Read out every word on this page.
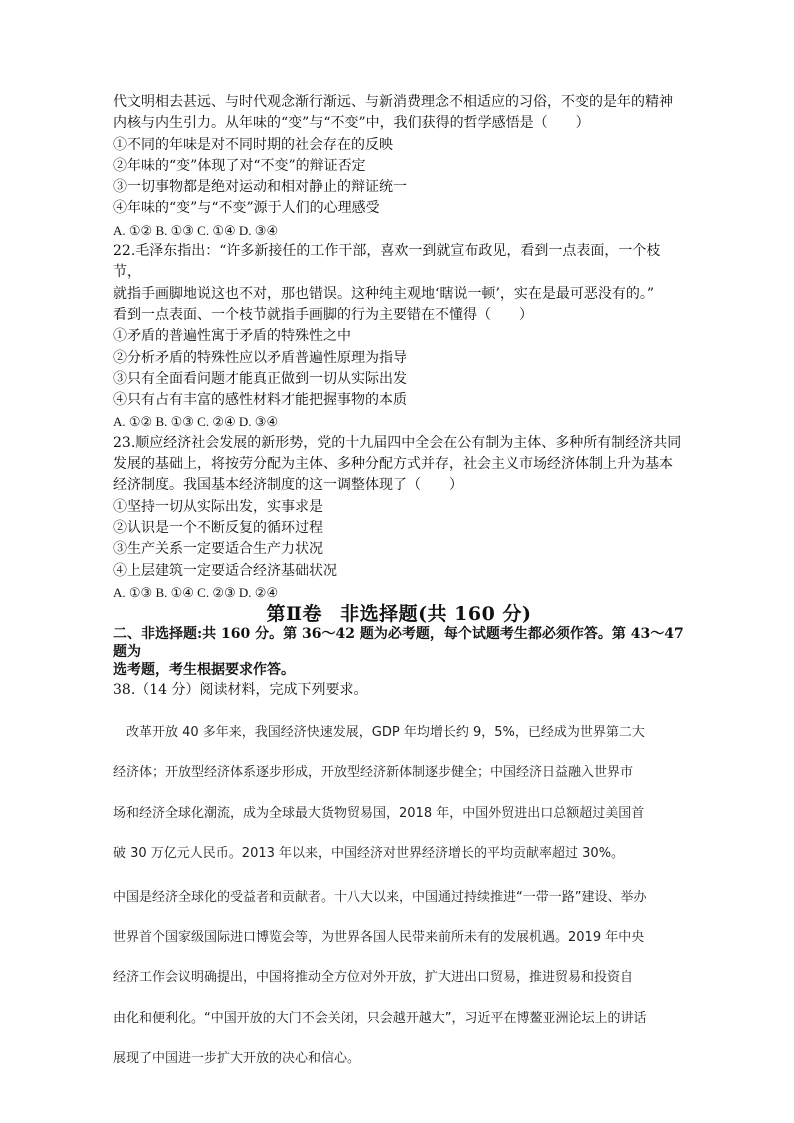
代文明相去甚远、与时代观念渐行渐远、与新消费理念不相适应的习俗，不变的是年的精神

内核与内生引力。从年味的“变”与“不变”中，我们获得的哲学感悟是（　　）

①不同的年味是对不同时期的社会存在的反映

②年味的“变”体现了对“不变”的辩证否定

③一切事物都是绝对运动和相对静止的辩证统一

④年味的“变”与“不变”源于人们的心理感受

A. ①② B. ①③ C. ①④ D. ③④

22.毛泽东指出：“许多新接任的工作干部，喜欢一到就宣布政见，看到一点表面，一个枝节，

就指手画脚地说这也不对，那也错误。这种纯主观地‘瞎说一顿’，实在是最可恶没有的。”

看到一点表面、一个枝节就指手画脚的行为主要错在不懂得（　　）

①矛盾的普遍性寓于矛盾的特殊性之中

②分析矛盾的特殊性应以矛盾普遍性原理为指导

③只有全面看问题才能真正做到一切从实际出发

④只有占有丰富的感性材料才能把握事物的本质

A. ①② B. ①③ C. ②④ D. ③④

23.顺应经济社会发展的新形势，党的十九届四中全会在公有制为主体、多种所有制经济共同

发展的基础上，将按劳分配为主体、多种分配方式并存，社会主义市场经济体制上升为基本

经济制度。我国基本经济制度的这一调整体现了（　　）

①坚持一切从实际出发，实事求是

②认识是一个不断反复的循环过程

③生产关系一定要适合生产力状况

④上层建筑一定要适合经济基础状况

A. ①③ B. ①④ C. ②③ D. ②④

第Ⅱ卷 非选择题(共 160 分)

二、非选择题:共 160 分。第 36～42 题为必考题，每个试题考生都必须作答。第 43～47 题为

选考题，考生根据要求作答。

38.（14 分）阅读材料，完成下列要求。

改革开放 40 多年来，我国经济快速发展，GDP 年均增长约 9，5%，已经成为世界第二大

经济体；开放型经济体系逐步形成，开放型经济新体制逐步健全；中国经济日益融入世界市

场和经济全球化潮流，成为全球最大货物贸易国，2018 年，中国外贸进出口总额超过美国首

破 30 万亿元人民币。2013 年以来，中国经济对世界经济增长的平均贡献率超过 30%。

中国是经济全球化的受益者和贡献者。十八大以来，中国通过持续推进“一带一路”建设、举办

世界首个国家级国际进口博览会等，为世界各国人民带来前所未有的发展机遇。2019 年中央

经济工作会议明确提出，中国将推动全方位对外开放，扩大进出口贸易，推进贸易和投资自

由化和便利化。“中国开放的大门不会关闭，只会越开越大”，习近平在博鳌亚洲论坛上的讲话

展现了中国进一步扩大开放的决心和信心。
